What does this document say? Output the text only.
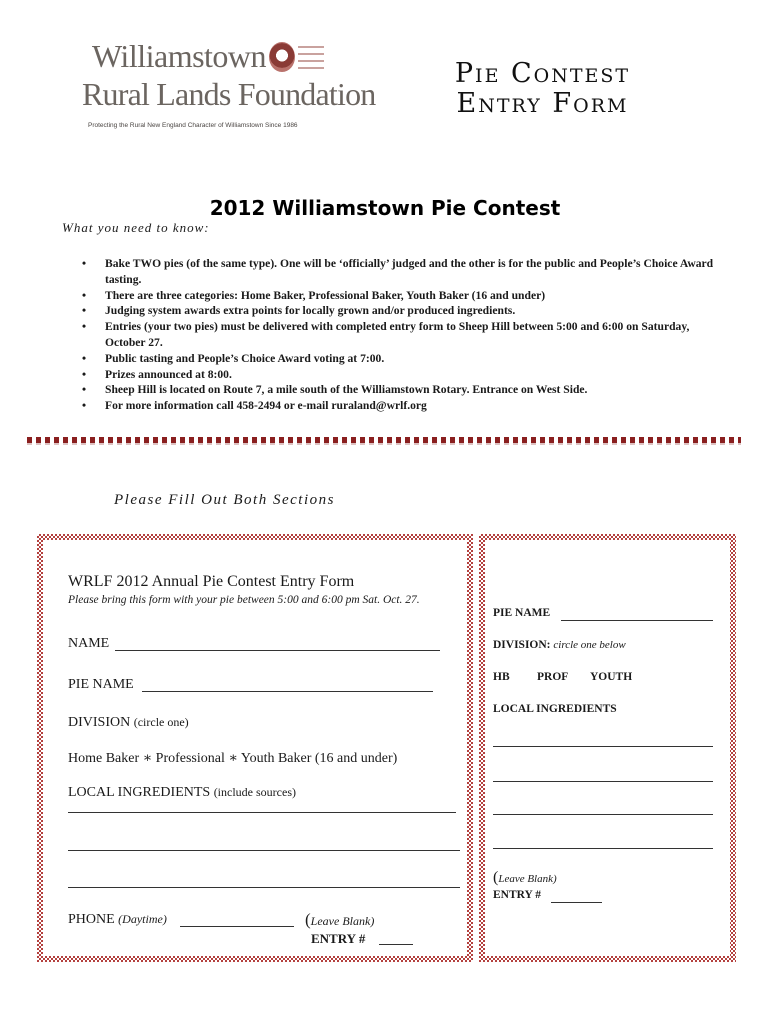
Williamstown
Rural Lands Foundation
Protecting the Rural New England Character of Williamstown Since 1986
Pie Contest
Entry Form
2012 Williamstown Pie Contest
What you need to know:
• Bake TWO pies (of the same type). One will be ‘officially’ judged and the other is for the public and People’s Choice Award tasting.
• There are three categories: Home Baker, Professional Baker, Youth Baker (16 and under)
• Judging system awards extra points for locally grown and/or produced ingredients.
• Entries (your two pies) must be delivered with completed entry form to Sheep Hill between 5:00 and 6:00 on Saturday, October 27.
• Public tasting and People’s Choice Award voting at 7:00.
• Prizes announced at 8:00.
• Sheep Hill is located on Route 7, a mile south of the Williamstown Rotary. Entrance on West Side.
• For more information call 458-2494 or e-mail ruraland@wrlf.org
Please Fill Out Both Sections
WRLF 2012 Annual Pie Contest Entry Form
Please bring this form with your pie between 5:00 and 6:00 pm Sat. Oct. 27.
NAME
PIE NAME
DIVISION (circle one)
Home Baker ∗ Professional ∗ Youth Baker (16 and under)
LOCAL INGREDIENTS (include sources)
PHONE (Daytime)	(Leave Blank)
ENTRY #
PIE NAME
DIVISION: circle one below
HB PROF YOUTH
LOCAL INGREDIENTS
(Leave Blank)
ENTRY #
